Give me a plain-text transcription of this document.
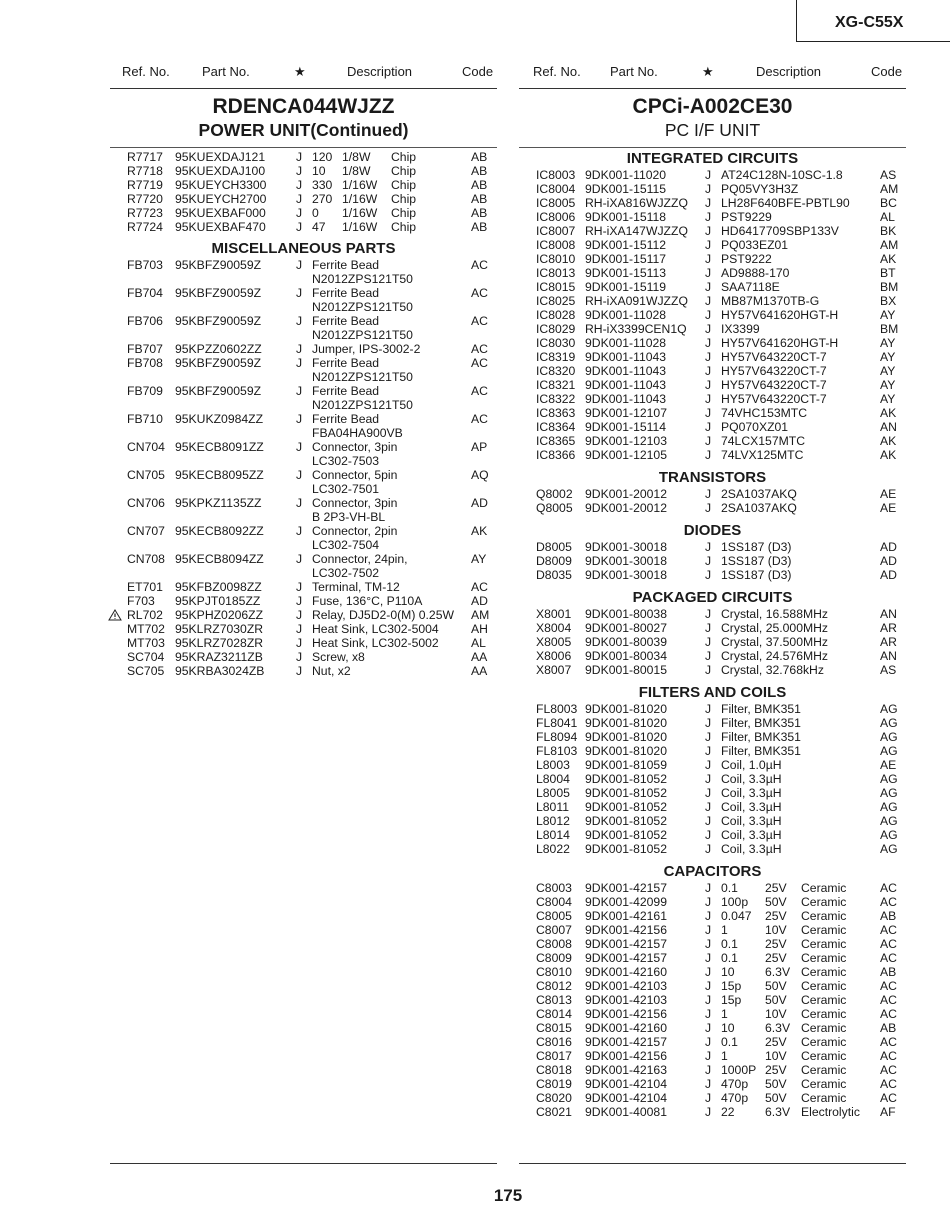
XG-C55X
Ref. No. Part No.	★	Description	Code
RDENCA044WJZZ
POWER UNIT(Continued)
R7717 95KUEXDAJ121	J 120 1/8W Chip	AB
R7718 95KUEXDAJ100	J 10 1/8W Chip	AB
R7719 95KUEYCH3300 J 330 1/16W Chip	AB
R7720 95KUEYCH2700 J 270 1/16W Chip	AB
R7723 95KUEXBAF000 J 0 1/16W Chip	AB
R7724 95KUEXBAF470 J 47 1/16W Chip	AB
MISCELLANEOUS PARTS
FB703 95KBFZ90059Z	J Ferrite Bead	AC
N2012ZPS121T50
FB704 95KBFZ90059Z	J Ferrite Bead	AC
N2012ZPS121T50
FB706 95KBFZ90059Z	J Ferrite Bead	AC
N2012ZPS121T50
FB707 95KPZZ0602ZZ	J Jumper, IPS-3002-2	AC
FB708 95KBFZ90059Z	J Ferrite Bead	AC
N2012ZPS121T50
FB709 95KBFZ90059Z	J Ferrite Bead	AC
N2012ZPS121T50
FB710 95KUKZ0984ZZ	J Ferrite Bead	AC
FBA04HA900VB
CN704 95KECB8091ZZ	J Connector, 3pin	AP
LC302-7503
CN705 95KECB8095ZZ	J Connector, 5pin	AQ
LC302-7501
CN706 95KPKZ1135ZZ	J Connector, 3pin	AD
B 2P3-VH-BL
CN707 95KECB8092ZZ	J Connector, 2pin	AK
LC302-7504
CN708 95KECB8094ZZ	J Connector, 24pin,	AY
LC302-7502
ET701 95KFBZ0098ZZ	J Terminal, TM-12	AC
F703 95KPJT0185ZZ	J Fuse, 136°C, P110A	AD
RL702 95KPHZ0206ZZ	J Relay, DJ5D2-0(M) 0.25W AM
MT702 95KLRZ7030ZR	J Heat Sink, LC302-5004	AH
MT703 95KLRZ7028ZR	J Heat Sink, LC302-5002	AL
SC704 95KRAZ3211ZB	J Screw, x8	AA
SC705 95KRBA3024ZB	J Nut, x2	AA
Ref. No. Part No.	★	Description	Code
CPCi-A002CE30
PC I/F UNIT
INTEGRATED CIRCUITS
IC8003 9DK001-11020	J AT24C128N-10SC-1.8	AS
IC8004 9DK001-15115	J PQ05VY3H3Z	AM
IC8005 RH-iXA816WJZZQ J LH28F640BFE-PBTL90 BC
IC8006 9DK001-15118	J PST9229	AL
IC8007 RH-iXA147WJZZQ J HD6417709SBP133V	BK
IC8008 9DK001-15112	J PQ033EZ01	AM
IC8010 9DK001-15117	J PST9222	AK
IC8013 9DK001-15113	J AD9888-170	BT
IC8015 9DK001-15119	J SAA7118E	BM
IC8025 RH-iXA091WJZZQ J MB87M1370TB-G	BX
IC8028 9DK001-11028	J HY57V641620HGT-H	AY
IC8029 RH-iX3399CEN1Q J IX3399	BM
IC8030 9DK001-11028	J HY57V641620HGT-H	AY
IC8319 9DK001-11043	J HY57V643220CT-7	AY
IC8320 9DK001-11043	J HY57V643220CT-7	AY
IC8321 9DK001-11043	J HY57V643220CT-7	AY
IC8322 9DK001-11043	J HY57V643220CT-7	AY
IC8363 9DK001-12107	J 74VHC153MTC	AK
IC8364 9DK001-15114	J PQ070XZ01	AN
IC8365 9DK001-12103	J 74LCX157MTC	AK
IC8366 9DK001-12105	J 74LVX125MTC	AK
TRANSISTORS
Q8002 9DK001-20012	J 2SA1037AKQ	AE
Q8005 9DK001-20012	J 2SA1037AKQ	AE
DIODES
D8005 9DK001-30018	J 1SS187 (D3)	AD
D8009 9DK001-30018	J 1SS187 (D3)	AD
D8035 9DK001-30018	J 1SS187 (D3)	AD
PACKAGED CIRCUITS
X8001 9DK001-80038	J Crystal, 16.588MHz	AN
X8004 9DK001-80027	J Crystal, 25.000MHz	AR
X8005 9DK001-80039	J Crystal, 37.500MHz	AR
X8006 9DK001-80034	J Crystal, 24.576MHz	AN
X8007 9DK001-80015	J Crystal, 32.768kHz	AS
FILTERS AND COILS
FL8003 9DK001-81020	J Filter, BMK351	AG
FL8041 9DK001-81020	J Filter, BMK351	AG
FL8094 9DK001-81020	J Filter, BMK351	AG
FL8103 9DK001-81020	J Filter, BMK351	AG
L8003 9DK001-81059	J Coil, 1.0µH	AE
L8004 9DK001-81052	J Coil, 3.3µH	AG
L8005 9DK001-81052	J Coil, 3.3µH	AG
L8011 9DK001-81052	J Coil, 3.3µH	AG
L8012 9DK001-81052	J Coil, 3.3µH	AG
L8014 9DK001-81052	J Coil, 3.3µH	AG
L8022 9DK001-81052	J Coil, 3.3µH	AG
CAPACITORS
C8003 9DK001-42157	J 0.1 25V Ceramic	AC
C8004 9DK001-42099	J 100p 50V Ceramic	AC
C8005 9DK001-42161	J 0.047 25V Ceramic	AB
C8007 9DK001-42156	J 1	10V Ceramic	AC
C8008 9DK001-42157	J 0.1 25V Ceramic	AC
C8009 9DK001-42157	J 0.1 25V Ceramic	AC
C8010 9DK001-42160	J 10 6.3V Ceramic	AB
C8012 9DK001-42103	J 15p 50V Ceramic	AC
C8013 9DK001-42103	J 15p 50V Ceramic	AC
C8014 9DK001-42156	J 1	10V Ceramic	AC
C8015 9DK001-42160	J 10 6.3V Ceramic	AB
C8016 9DK001-42157	J 0.1 25V Ceramic	AC
C8017 9DK001-42156	J 1	10V Ceramic	AC
C8018 9DK001-42163	J 1000P 25V Ceramic	AC
C8019 9DK001-42104	J 470p 50V Ceramic	AC
C8020 9DK001-42104	J 470p 50V Ceramic	AC
C8021 9DK001-40081	J 22 6.3V Electrolytic AF
175
